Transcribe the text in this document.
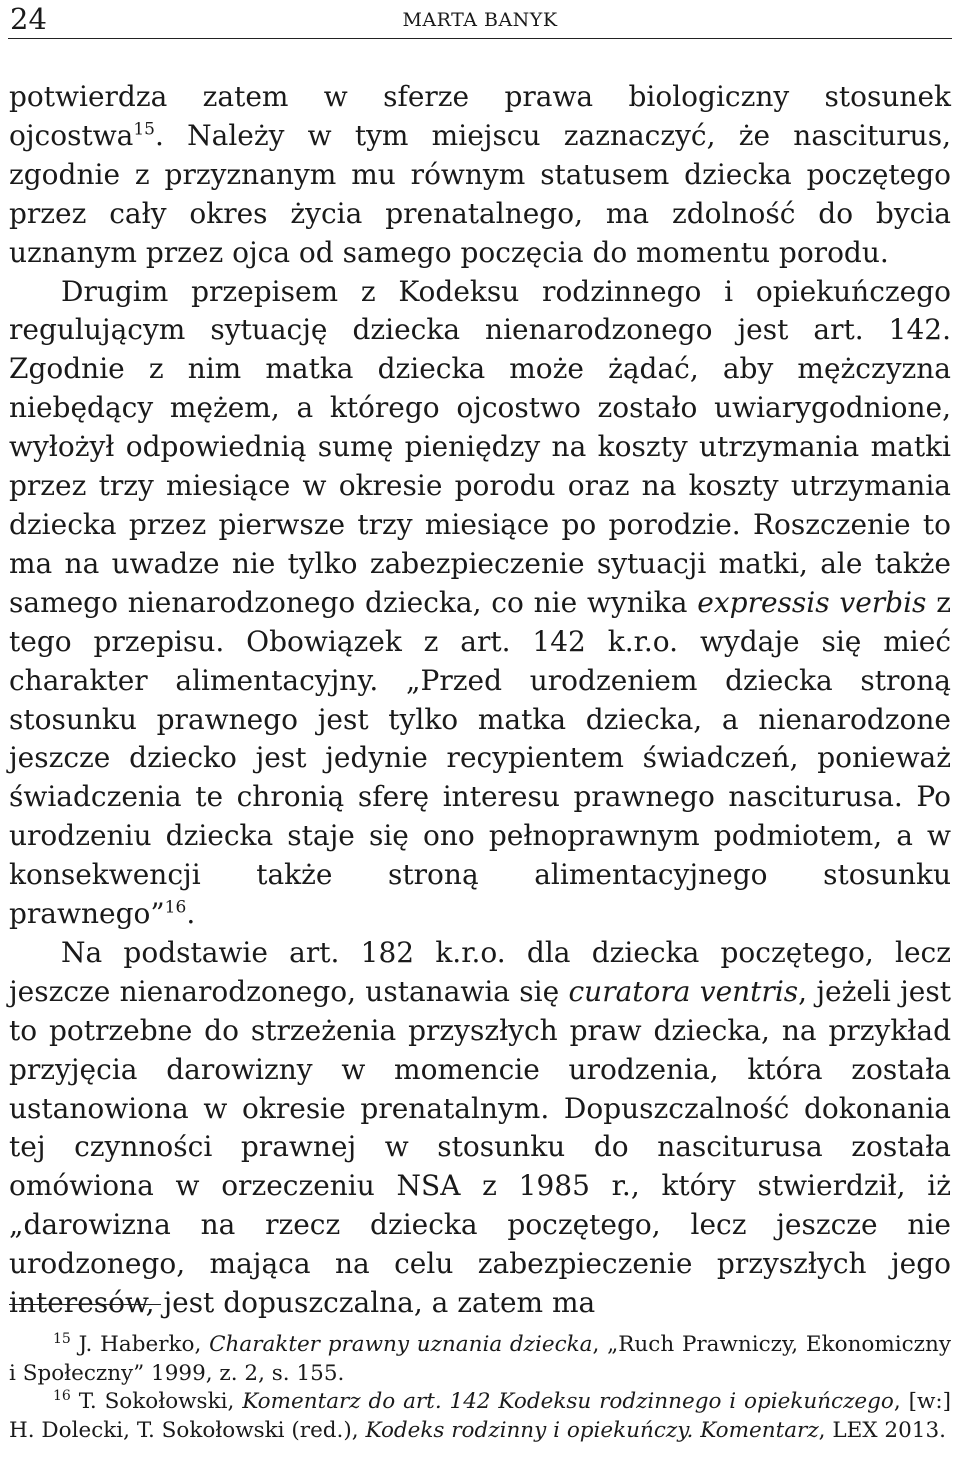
24	MARTA BANYK

potwierdza zatem w sferze prawa biologiczny stosunek ojcostwa$^{15}$. Należy w tym miejscu zaznaczyć, że nasciturus, zgodnie z przyznanym mu równym statusem dziecka poczętego przez cały okres życia prenatalnego, ma zdolność do bycia uznanym przez ojca od samego poczęcia do momentu porodu.

Drugim przepisem z Kodeksu rodzinnego i opiekuńczego regulującym sytuację dziecka nienarodzonego jest art. 142. Zgodnie z nim matka dziecka może żądać, aby mężczyzna niebędący mężem, a którego ojcostwo zostało uwiarygodnione, wyłożył odpowiednią sumę pieniędzy na koszty utrzymania matki przez trzy miesiące w okresie porodu oraz na koszty utrzymania dziecka przez pierwsze trzy miesiące po porodzie. Roszczenie to ma na uwadze nie tylko zabezpieczenie sytuacji matki, ale także samego nienarodzonego dziecka, co nie wynika expressis verbis z tego przepisu. Obowiązek z art. 142 k.r.o. wydaje się mieć charakter alimentacyjny. „Przed urodzeniem dziecka stroną stosunku prawnego jest tylko matka dziecka, a nienarodzone jeszcze dziecko jest jedynie recypientem świadczeń, ponieważ świadczenia te chronią sferę interesu prawnego nasciturusa. Po urodzeniu dziecka staje się ono pełnoprawnym podmiotem, a w konsekwencji także stroną alimentacyjnego stosunku prawnego”$^{16}$.

Na podstawie art. 182 k.r.o. dla dziecka poczętego, lecz jeszcze nienarodzonego, ustanawia się curatora ventris, jeżeli jest to potrzebne do strzeżenia przyszłych praw dziecka, na przykład przyjęcia darowizny w momencie urodzenia, która została ustanowiona w okresie prenatalnym. Dopuszczalność dokonania tej czynności prawnej w stosunku do nasciturusa została omówiona w orzeczeniu NSA z 1985 r., który stwierdził, iż „darowizna na rzecz dziecka poczętego, lecz jeszcze nie urodzonego, mająca na celu zabezpieczenie przyszłych jego interesów, jest dopuszczalna, a zatem ma

$^{15}$ J. Haberko, Charakter prawny uznania dziecka, „Ruch Prawniczy, Ekonomiczny i Społeczny” 1999, z. 2, s. 155.

$^{16}$ T. Sokołowski, Komentarz do art. 142 Kodeksu rodzinnego i opiekuńczego, [w:] H. Dolecki, T. Sokołowski (red.), Kodeks rodzinny i opiekuńczy. Komentarz, LEX 2013.
